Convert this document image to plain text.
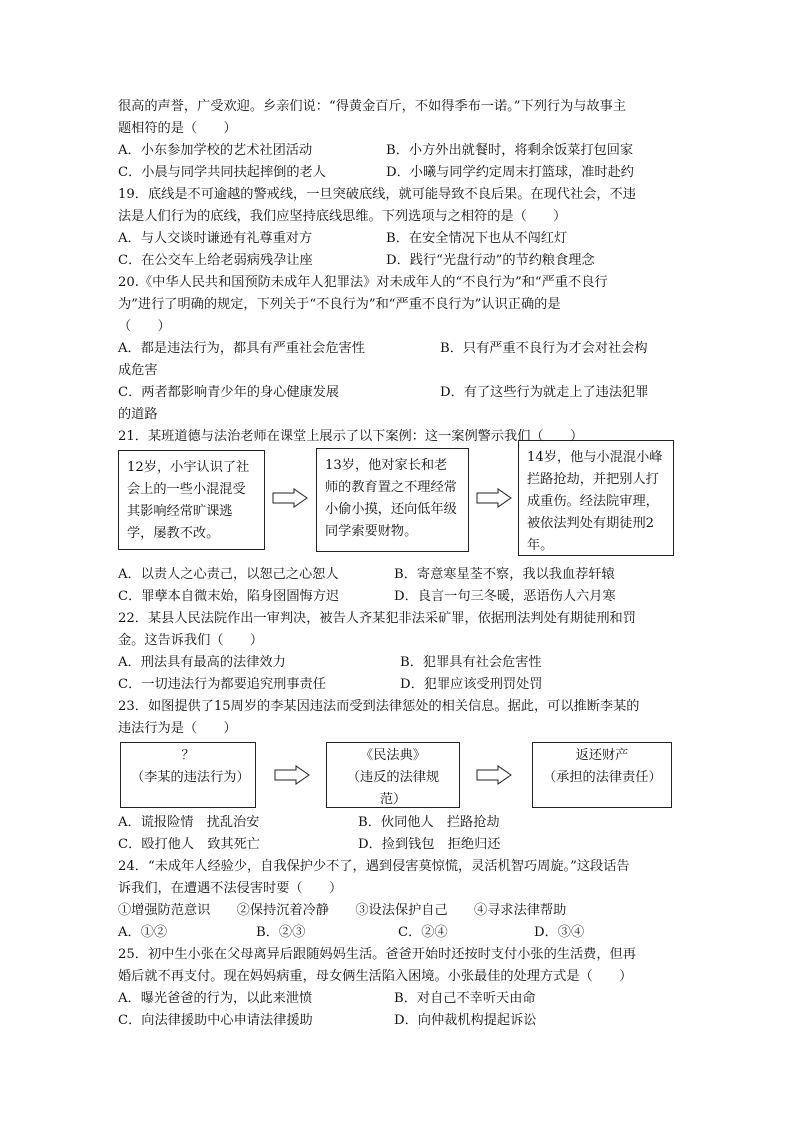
很高的声誉，广受欢迎。乡亲们说：“得黄金百斤，不如得季布一诺。”下列行为与故事主

题相符的是（　　）

A．小东参加学校的艺术社团活动	B．小方外出就餐时，将剩余饭菜打包回家
C．小晨与同学共同扶起摔倒的老人	D．小曦与同学约定周末打篮球，准时赴约

19．底线是不可逾越的警戒线，一旦突破底线，就可能导致不良后果。在现代社会，不违

法是人们行为的底线，我们应坚持底线思维。下列选项与之相符的是（　　）

A．与人交谈时谦逊有礼尊重对方	B．在安全情况下也从不闯红灯
C．在公交车上给老弱病残孕让座	D．践行“光盘行动”的节约粮食理念

20.《中华人民共和国预防未成年人犯罪法》对未成年人的“不良行为”和“严重不良行

为”进行了明确的规定，下列关于“不良行为”和“严重不良行为”认识正确的是

（　　）

A．都是违法行为，都具有严重社会危害性	B．只有严重不良行为才会对社会构

成危害

C．两者都影响青少年的身心健康发展	D．有了这些行为就走上了违法犯罪

的道路

21．某班道德与法治老师在课堂上展示了以下案例：这一案例警示我们（　　）

12岁，小宇认识了社会上的一些小混混受其影响经常旷课逃学，屡教不改。
13岁，他对家长和老师的教育置之不理经常小偷小摸，还向低年级同学索要财物。
14岁，他与小混混小峰拦路抢劫，并把别人打成重伤。经法院审理，被依法判处有期徒刑2年。
A．以责人之心责己，以恕己之心恕人	B．寄意寒星荃不察，我以我血荐轩辕
C．罪孽本自微末始，陷身囹圄悔方迟	D．良言一句三冬暖，恶语伤人六月寒

22．某县人民法院作出一审判决，被告人齐某犯非法采矿罪，依据刑法判处有期徒刑和罚

金。这告诉我们（　　）

A．刑法具有最高的法律效力	B．犯罪具有社会危害性
C．一切违法行为都要追究刑事责任	D．犯罪应该受刑罚处罚

23．如图提供了15周岁的李某因违法而受到法律惩处的相关信息。据此，可以推断李某的

违法行为是（　　）

？
（李某的违法行为）
《民法典》
（违反的法律规范）
返还财产
（承担的法律责任）
A．谎报险情　扰乱治安	B．伙同他人　拦路抢劫
C．殴打他人　致其死亡	D．捡到钱包　拒绝归还

24．“未成年人经验少，自我保护少不了，遇到侵害莫惊慌，灵活机智巧周旋。”这段话告

诉我们，在遭遇不法侵害时要（　　）

①增强防范意识　　②保持沉着冷静　　③设法保护自己　　④寻求法律帮助

A．①②	B．②③	C．②④	D．③④

25．初中生小张在父母离异后跟随妈妈生活。爸爸开始时还按时支付小张的生活费，但再

婚后就不再支付。现在妈妈病重，母女俩生活陷入困境。小张最佳的处理方式是（　　）

A．曝光爸爸的行为，以此来泄愤	B．对自己不幸听天由命
C．向法律援助中心申请法律援助	D．向仲裁机构提起诉讼
